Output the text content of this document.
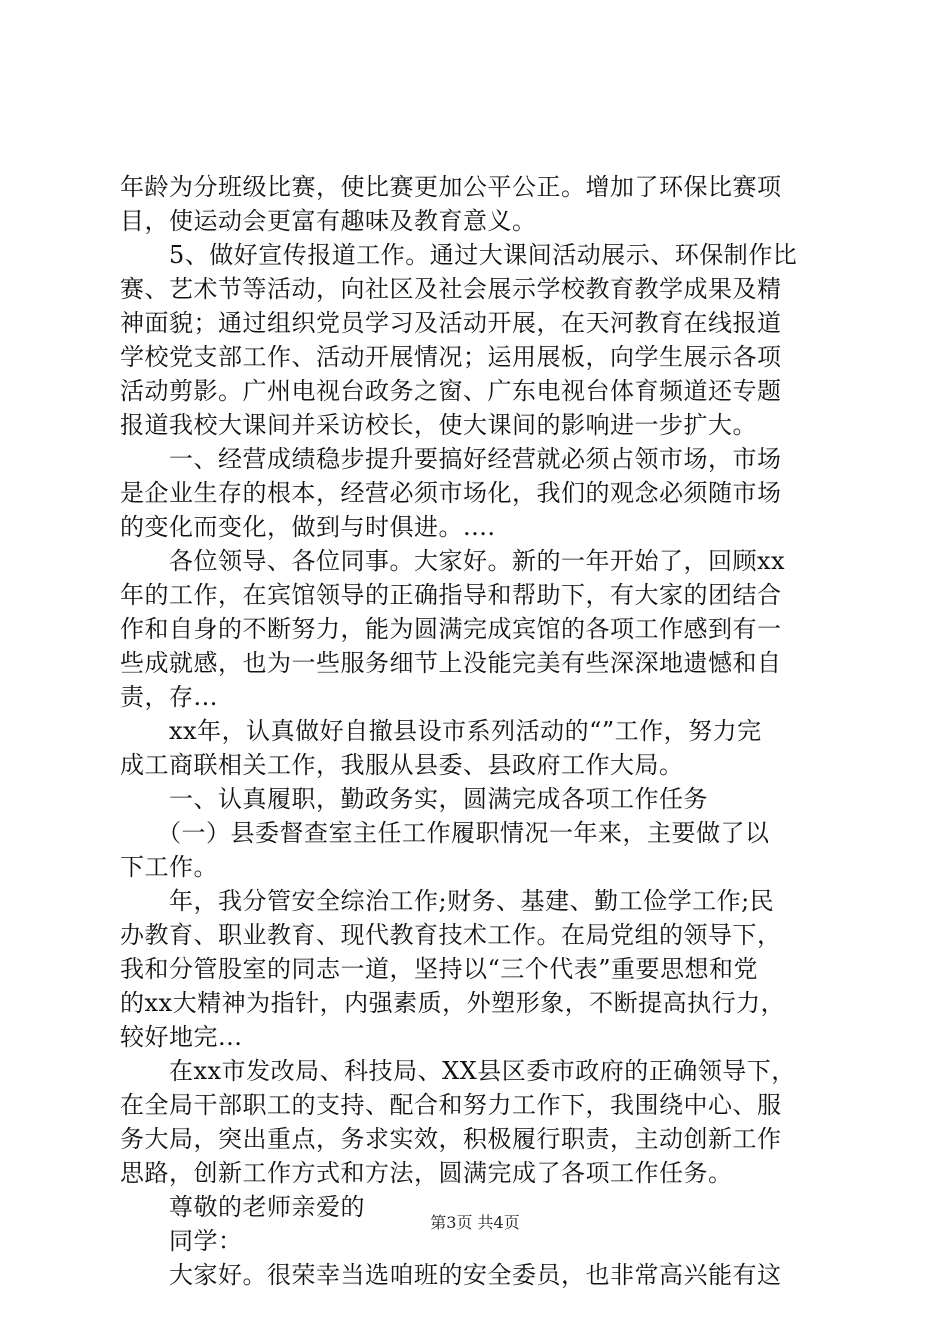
年龄为分班级比赛，使比赛更加公平公正。增加了环保比赛项
目，使运动会更富有趣味及教育意义。
　　5、做好宣传报道工作。通过大课间活动展示、环保制作比
赛、艺术节等活动，向社区及社会展示学校教育教学成果及精
神面貌；通过组织党员学习及活动开展，在天河教育在线报道
学校党支部工作、活动开展情况；运用展板，向学生展示各项
活动剪影。广州电视台政务之窗、广东电视台体育频道还专题
报道我校大课间并采访校长，使大课间的影响进一步扩大。
　　一、经营成绩稳步提升要搞好经营就必须占领市场，市场
是企业生存的根本，经营必须市场化，我们的观念必须随市场
的变化而变化，做到与时俱进。....
　　各位领导、各位同事。大家好。新的一年开始了，回顾xx
年的工作，在宾馆领导的正确指导和帮助下，有大家的团结合
作和自身的不断努力，能为圆满完成宾馆的各项工作感到有一
些成就感，也为一些服务细节上没能完美有些深深地遗憾和自
责，存...
　　xx年，认真做好自撤县设市系列活动的“”工作，努力完
成工商联相关工作，我服从县委、县政府工作大局。
　　一、认真履职，勤政务实，圆满完成各项工作任务
　　（一）县委督查室主任工作履职情况一年来，主要做了以
下工作。
　　年，我分管安全综治工作;财务、基建、勤工俭学工作;民
办教育、职业教育、现代教育技术工作。在局党组的领导下，
我和分管股室的同志一道，坚持以“三个代表”重要思想和党
的xx大精神为指针，内强素质，外塑形象，不断提高执行力，
较好地完...
　　在xx市发改局、科技局、XX县区委市政府的正确领导下，
在全局干部职工的支持、配合和努力工作下，我围绕中心、服
务大局，突出重点，务求实效，积极履行职责，主动创新工作
思路，创新工作方式和方法，圆满完成了各项工作任务。
　　尊敬的老师亲爱的
　　同学：
　　大家好。很荣幸当选咱班的安全委员，也非常高兴能有这
第3页 共4页
